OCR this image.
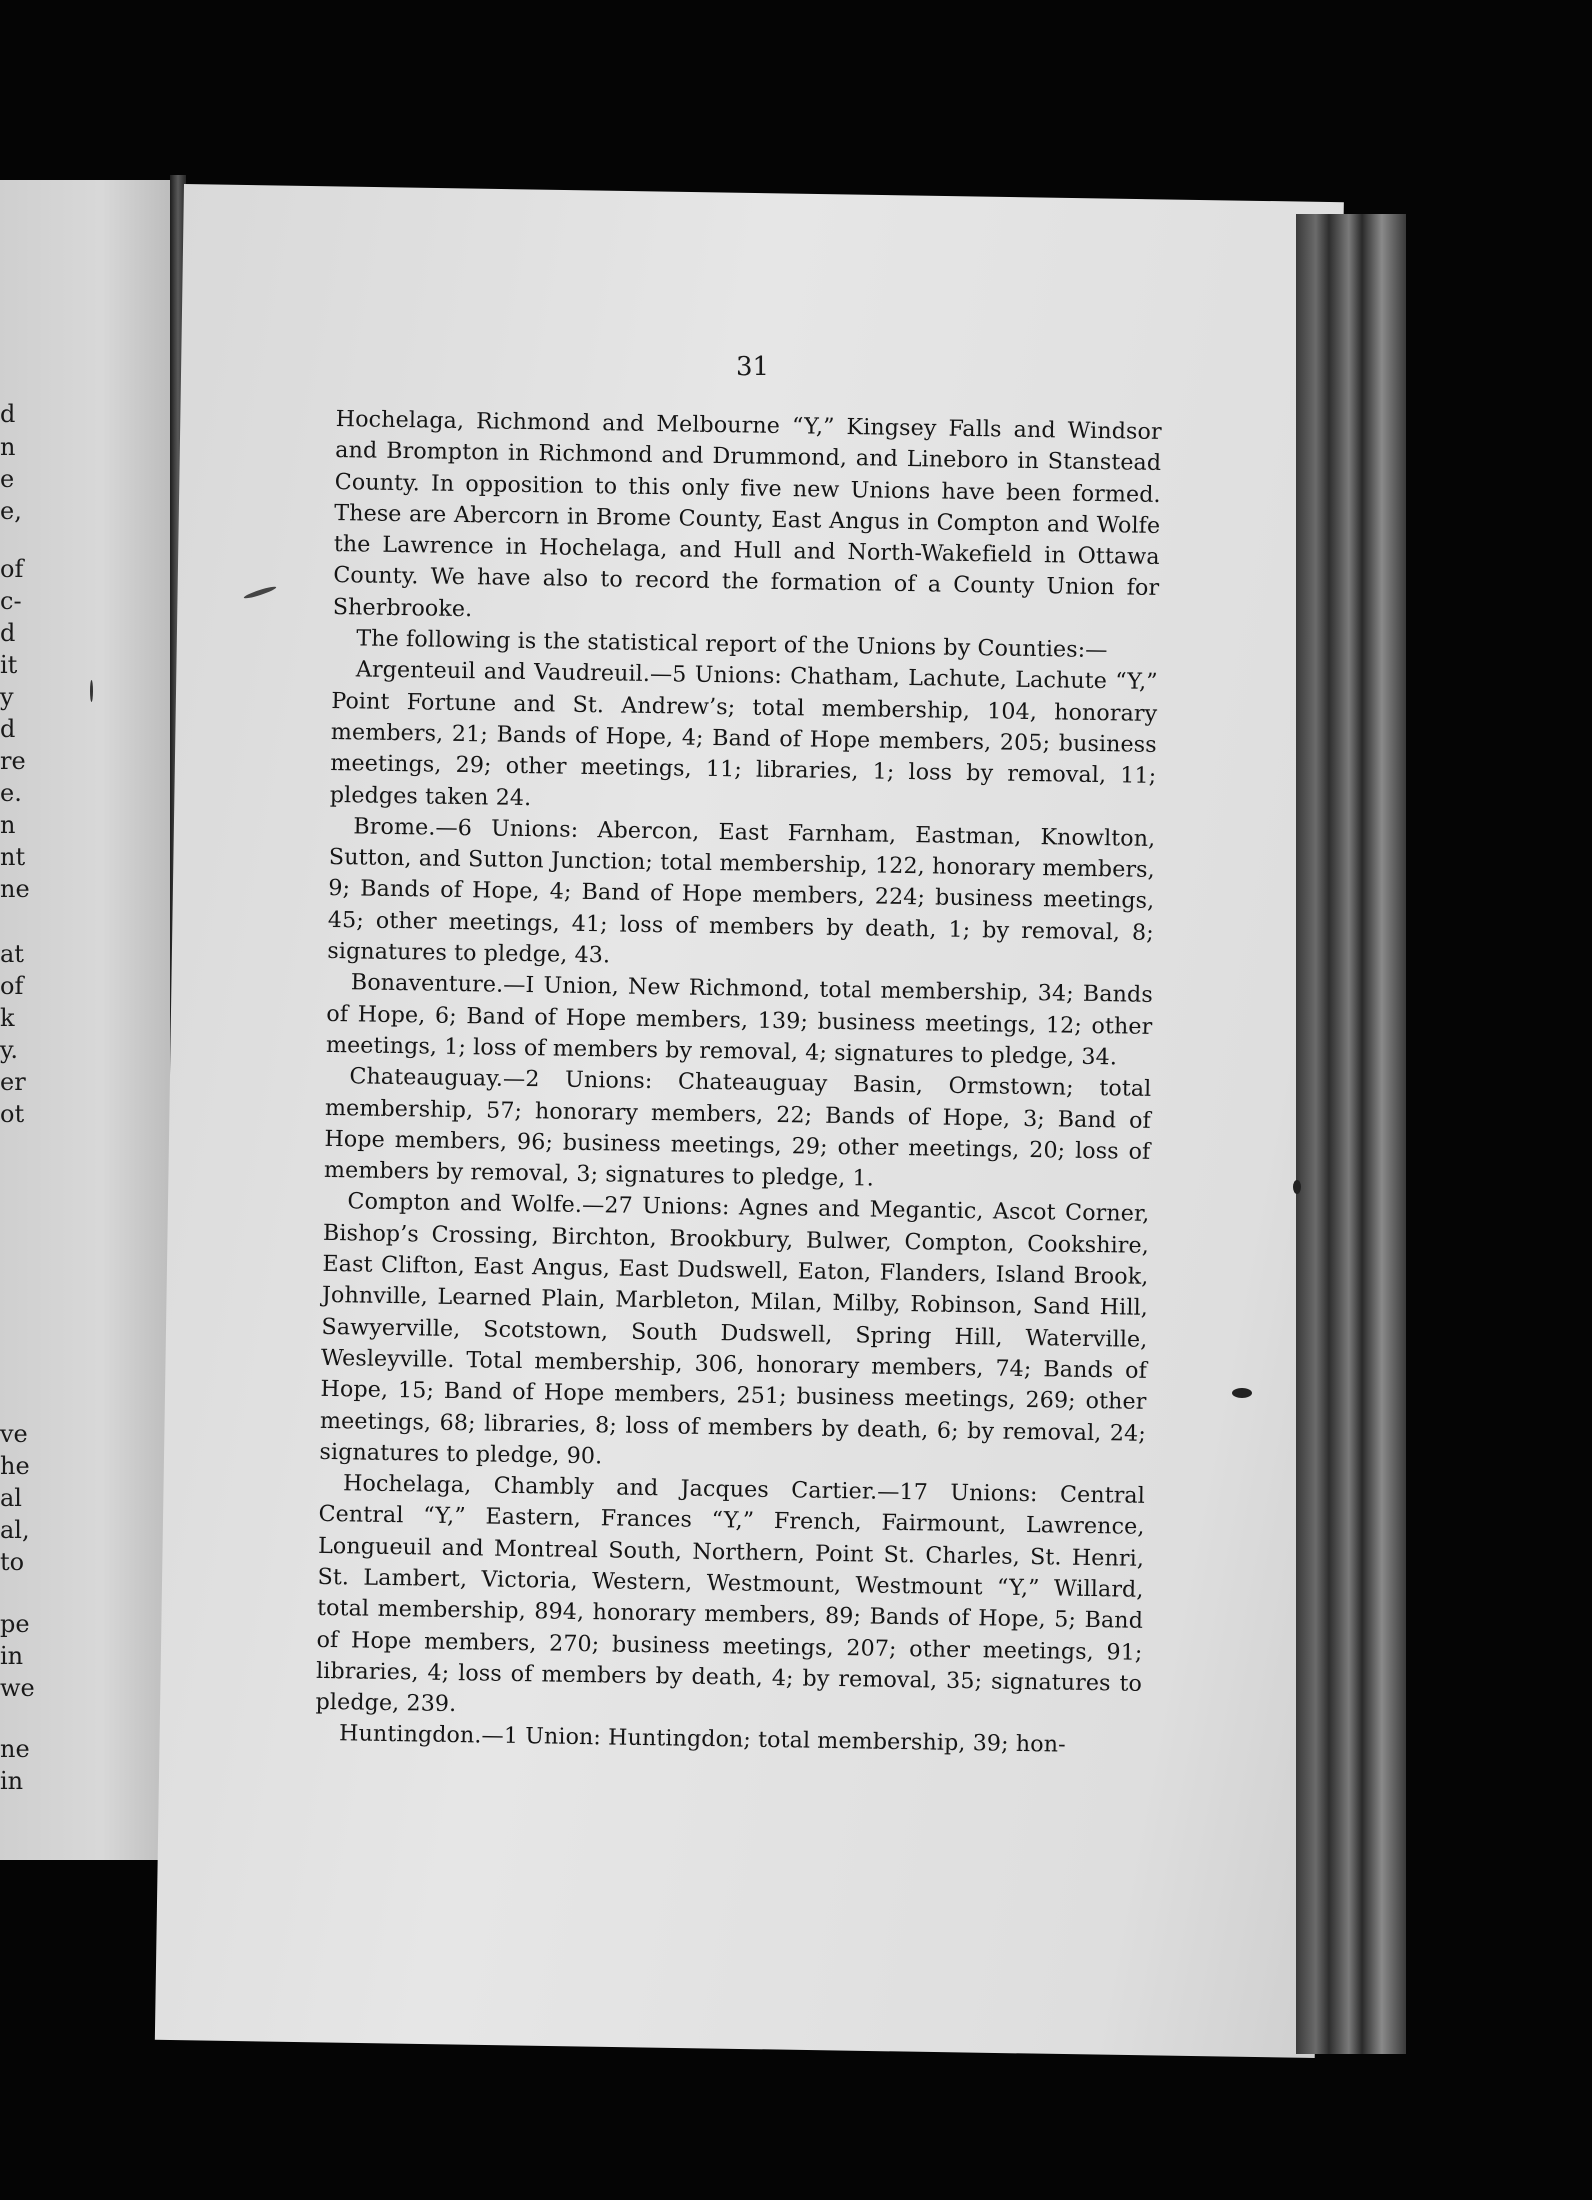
d
n
e
e,
of
c-
d
it
y
d
re
e.
n
nt
ne
at
of
k
y.
er
ot
ve
he
al
al,
to
pe
in
we
ne
in
31

Hochelaga, Richmond and Melbourne “Y,” Kingsey Falls and Windsor and Brompton in Richmond and Drummond, and Lineboro in Stanstead County. In opposition to this only five new Unions have been formed. These are Abercorn in Brome County, East Angus in Compton and Wolfe the Lawrence in Hochelaga, and Hull and North-Wakefield in Ottawa County. We have also to record the formation of a County Union for Sherbrooke.

The following is the statistical report of the Unions by Counties:—

Argenteuil and Vaudreuil.—5 Unions: Chatham, Lachute, Lachute “Y,” Point Fortune and St. Andrew’s; total membership, 104, honorary members, 21; Bands of Hope, 4; Band of Hope members, 205; business meetings, 29; other meetings, 11; libraries, 1; loss by removal, 11; pledges taken 24.

Brome.—6 Unions: Abercon, East Farnham, Eastman, Knowlton, Sutton, and Sutton Junction; total membership, 122, honorary members, 9; Bands of Hope, 4; Band of Hope members, 224; business meetings, 45; other meetings, 41; loss of members by death, 1; by removal, 8; signatures to pledge, 43.

Bonaventure.—I Union, New Richmond, total membership, 34; Bands of Hope, 6; Band of Hope members, 139; business meetings, 12; other meetings, 1; loss of members by removal, 4; signatures to pledge, 34.

Chateauguay.—2 Unions: Chateauguay Basin, Ormstown; total membership, 57; honorary members, 22; Bands of Hope, 3; Band of Hope members, 96; business meetings, 29; other meetings, 20; loss of members by removal, 3; signatures to pledge, 1.

Compton and Wolfe.—27 Unions: Agnes and Megantic, Ascot Corner, Bishop’s Crossing, Birchton, Brookbury, Bulwer, Compton, Cookshire, East Clifton, East Angus, East Dudswell, Eaton, Flanders, Island Brook, Johnville, Learned Plain, Marbleton, Milan, Milby, Robinson, Sand Hill, Sawyerville, Scotstown, South Dudswell, Spring Hill, Waterville, Wesleyville. Total membership, 306, honorary members, 74; Bands of Hope, 15; Band of Hope members, 251; business meetings, 269; other meetings, 68; libraries, 8; loss of members by death, 6; by removal, 24; signatures to pledge, 90.

Hochelaga, Chambly and Jacques Cartier.—17 Unions: Central Central “Y,” Eastern, Frances “Y,” French, Fairmount, Lawrence, Longueuil and Montreal South, Northern, Point St. Charles, St. Henri, St. Lambert, Victoria, Western, Westmount, Westmount “Y,” Willard, total membership, 894, honorary members, 89; Bands of Hope, 5; Band of Hope members, 270; business meetings, 207; other meetings, 91; libraries, 4; loss of members by death, 4; by removal, 35; signatures to pledge, 239.

Huntingdon.—1 Union: Huntingdon; total membership, 39; hon-
